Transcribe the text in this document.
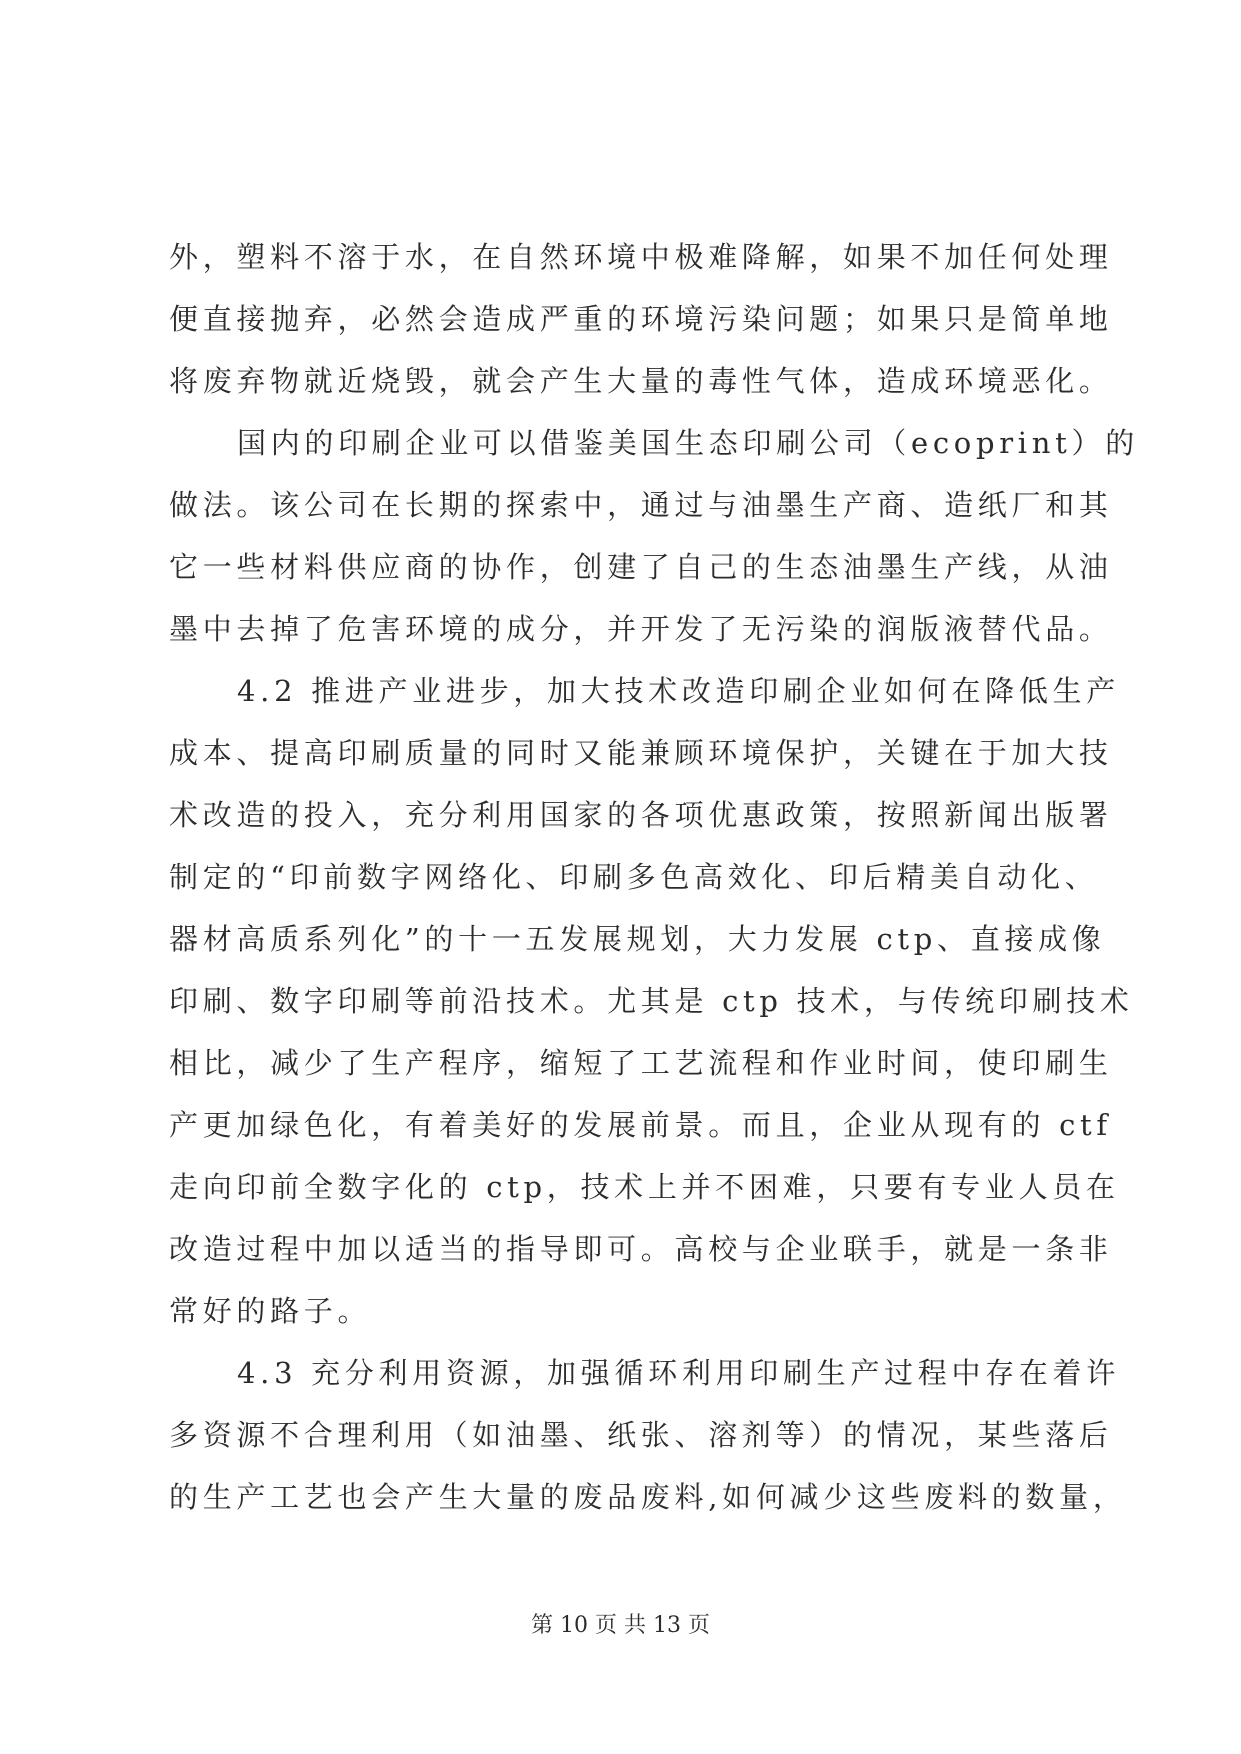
外，塑料不溶于水，在自然环境中极难降解，如果不加任何处理
便直接抛弃，必然会造成严重的环境污染问题；如果只是简单地
将废弃物就近烧毁，就会产生大量的毒性气体，造成环境恶化。
国内的印刷企业可以借鉴美国生态印刷公司（ecoprint）的
做法。该公司在长期的探索中，通过与油墨生产商、造纸厂和其
它一些材料供应商的协作，创建了自己的生态油墨生产线，从油
墨中去掉了危害环境的成分，并开发了无污染的润版液替代品。
4.2 推进产业进步，加大技术改造印刷企业如何在降低生产
成本、提高印刷质量的同时又能兼顾环境保护，关键在于加大技
术改造的投入，充分利用国家的各项优惠政策，按照新闻出版署
制定的“印前数字网络化、印刷多色高效化、印后精美自动化、
器材高质系列化”的十一五发展规划，大力发展 ctp、直接成像
印刷、数字印刷等前沿技术。尤其是 ctp 技术，与传统印刷技术
相比，减少了生产程序，缩短了工艺流程和作业时间，使印刷生
产更加绿色化，有着美好的发展前景。而且，企业从现有的 ctf
走向印前全数字化的 ctp，技术上并不困难，只要有专业人员在
改造过程中加以适当的指导即可。高校与企业联手，就是一条非
常好的路子。
4.3 充分利用资源，加强循环利用印刷生产过程中存在着许
多资源不合理利用（如油墨、纸张、溶剂等）的情况，某些落后
的生产工艺也会产生大量的废品废料,如何减少这些废料的数量，
第 10 页 共 13 页
